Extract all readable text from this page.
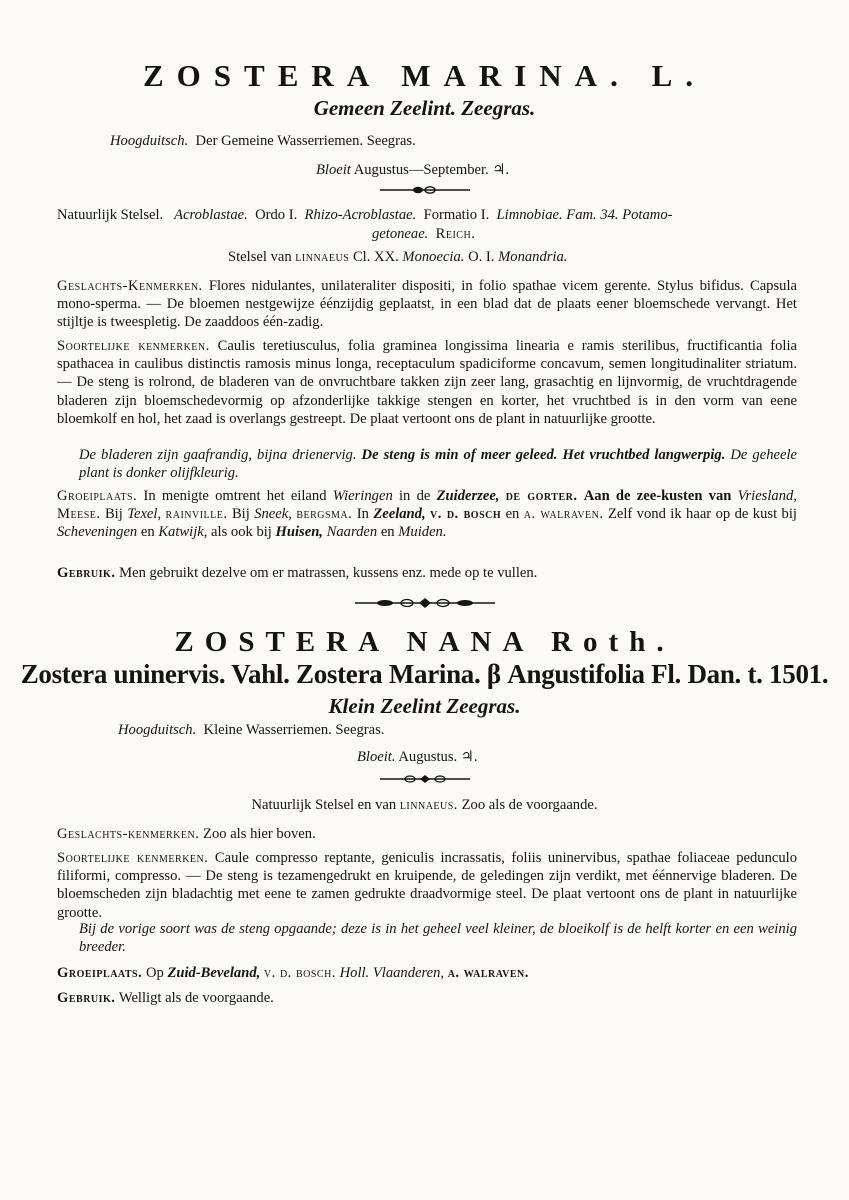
ZOSTERA MARINA. L.
Gemeen Zeelint. Zeegras.
Hoogduitsch. Der Gemeine Wasserriemen. Seegras.
Bloeit Augustus—September. ♃.
Natuurlijk Stelsel. Acroblastae. Ordo I. Rhizo-Acroblastae. Formatio I. Limnobiae. Fam. 34. Potamo-
getoneae. Reich.
Stelsel van linnaeus Cl. XX. Monoecia. O. I. Monandria.
Geslachts-Kenmerken. Flores nidulantes, unilateraliter dispositi, in folio spathae vicem gerente. Stylus bifidus. Capsula mono-sperma. — De bloemen nestgewijze éénzijdig geplaatst, in een blad dat de plaats eener bloemschede vervangt. Het stijltje is tweespletig. De zaaddoos één-zadig.
Soortelijke kenmerken. Caulis teretiusculus, folia graminea longissima linearia e ramis sterilibus, fructificantia folia spathacea in caulibus distinctis ramosis minus longa, receptaculum spadiciforme concavum, semen longitudinaliter striatum. — De steng is rolrond, de bladeren van de onvruchtbare takken zijn zeer lang, grasachtig en lijnvormig, de vruchtdragende bladeren zijn bloemschedevormig op afzonderlijke takkige stengen en korter, het vruchtbed is in den vorm van eene bloemkolf en hol, het zaad is overlangs gestreept. De plaat vertoont ons de plant in natuurlijke grootte.
De bladeren zijn gaafrandig, bijna drienervig. De steng is min of meer geleed. Het vruchtbed langwerpig. De geheele plant is donker olijfkleurig.
Groeiplaats. In menigte omtrent het eiland Wieringen in de Zuiderzee, de gorter. Aan de zee-kusten van Vriesland, Meese. Bij Texel, rainville. Bij Sneek, bergsma. In Zeeland, v. d. bosch en a. walraven. Zelf vond ik haar op de kust bij Scheveningen en Katwijk, als ook bij Huisen, Naarden en Muiden.
Gebruik. Men gebruikt dezelve om er matrassen, kussens enz. mede op te vullen.
ZOSTERA NANA Roth.
Zostera uninervis. Vahl. Zostera Marina. β Angustifolia Fl. Dan. t. 1501.
Klein Zeelint Zeegras.
Hoogduitsch. Kleine Wasserriemen. Seegras.
Bloeit. Augustus. ♃.
Natuurlijk Stelsel en van linnaeus. Zoo als de voorgaande.
Geslachts-kenmerken. Zoo als hier boven.
Soortelijke kenmerken. Caule compresso reptante, geniculis incrassatis, foliis uninervibus, spathae foliaceae pedunculo filiformi, compresso. — De steng is tezamengedrukt en kruipende, de geledingen zijn verdikt, met éénnervige bladeren. De bloemscheden zijn bladachtig met eene te zamen gedrukte draadvormige steel. De plaat vertoont ons de plant in natuurlijke grootte.
Bij de vorige soort was de steng opgaande; deze is in het geheel veel kleiner, de bloeikolf is de helft korter en een weinig breeder.
Groeiplaats. Op Zuid-Beveland, v. d. bosch. Holl. Vlaanderen, a. walraven.
Gebruik. Welligt als de voorgaande.
